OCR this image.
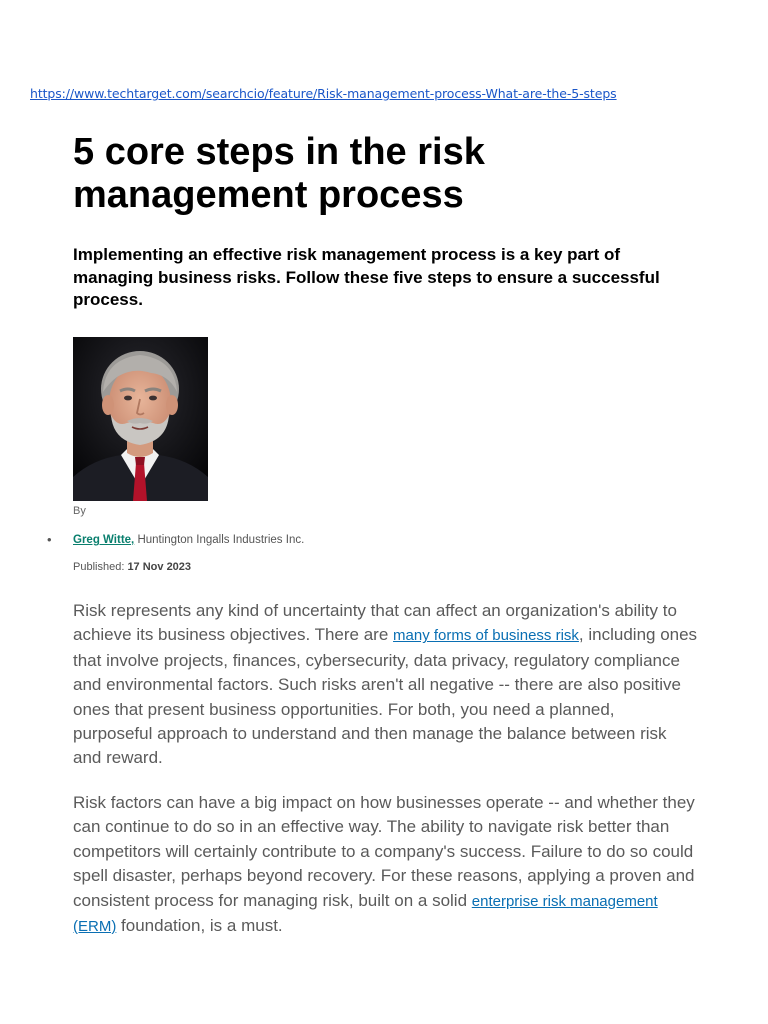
https://www.techtarget.com/searchcio/feature/Risk-management-process-What-are-the-5-steps
5 core steps in the risk management process

Implementing an effective risk management process is a key part of managing business risks. Follow these five steps to ensure a successful process.

By
• Greg Witte, Huntington Ingalls Industries Inc.
Published: 17 Nov 2023

Risk represents any kind of uncertainty that can affect an organization's ability to achieve its business objectives. There are many forms of business risk, including ones that involve projects, finances, cybersecurity, data privacy, regulatory compliance and environmental factors. Such risks aren't all negative -- there are also positive ones that present business opportunities. For both, you need a planned, purposeful approach to understand and then manage the balance between risk and reward.

Risk factors can have a big impact on how businesses operate -- and whether they can continue to do so in an effective way. The ability to navigate risk better than competitors will certainly contribute to a company's success. Failure to do so could spell disaster, perhaps beyond recovery. For these reasons, applying a proven and consistent process for managing risk, built on a solid enterprise risk management (ERM) foundation, is a must.
